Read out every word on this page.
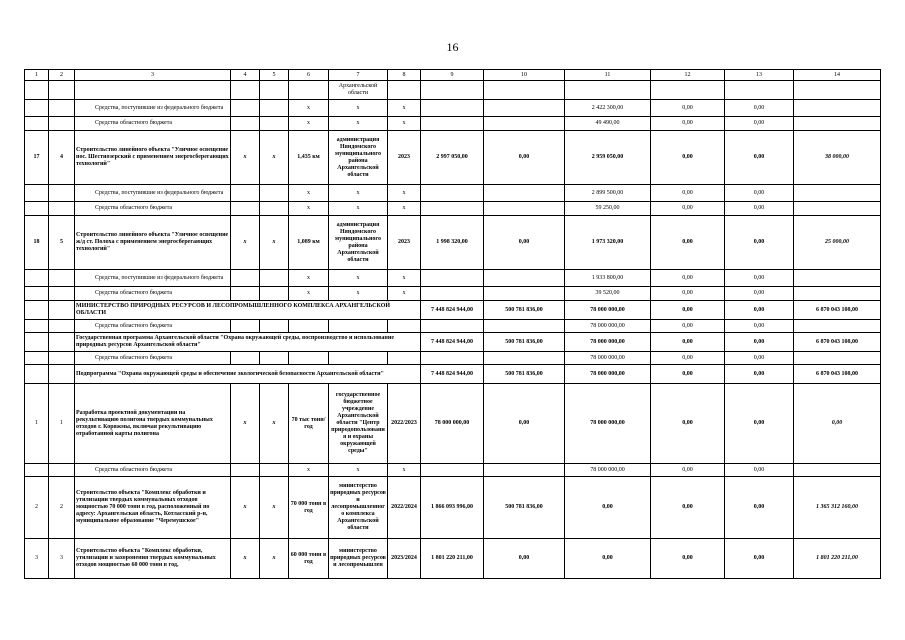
16
1	2	3	4	5	6	7	8	9	10	11	12	13	14
						Архангельской области							
		Средства, поступившие из федерального бюджета			х	х	х			2 422 300,00	0,00	0,00	
		Средства областного бюджета			х	х	х			49 490,00	0,00	0,00	
17	4	Строительство линейного объекта "Уличное освещение пос. Шестиозерский с применением энергосберегающих технологий"	х	х	1,435 км	администрация Няндомского муниципального района Архангельской области	2023	2 997 050,00	0,00	2 959 050,00	0,00	0,00	38 000,00
		Средства, поступившие из федерального бюджета			х	х	х			2 899 500,00	0,00	0,00	
		Средства областного бюджета			х	х	х			59 250,00	0,00	0,00	
18	5	Строительство линейного объекта "Уличное освещение ж/д ст. Полоха с применением энергосберегающих технологий"	х	х	1,089 км	администрация Няндомского муниципального района Архангельской области	2023	1 998 320,00	0,00	1 973 320,00	0,00	0,00	25 000,00
		Средства, поступившие из федерального бюджета			х	х	х			1 933 800,00	0,00	0,00	
		Средства областного бюджета			х	х	х			39 520,00	0,00	0,00	
		МИНИСТЕРСТВО ПРИРОДНЫХ РЕСУРСОВ И ЛЕСОПРОМЫШЛЕННОГО КОМПЛЕКСА АРХАНГЕЛЬСКОЙ ОБЛАСТИ						7 448 824 944,00	500 781 836,00	78 000 000,00	0,00	0,00	6 870 043 108,00
		Средства областного бюджета								78 000 000,00	0,00	0,00	
		Государственная программа Архангельской области "Охрана окружающей среды, воспроизводство и использование природных ресурсов Архангельской области"						7 448 824 944,00	500 781 836,00	78 000 000,00	0,00	0,00	6 870 043 108,00
		Средства областного бюджета								78 000 000,00	0,00	0,00	
		Подпрограмма "Охрана окружающей среды и обеспечение экологической безопасности Архангельской области"						7 448 824 944,00	500 781 836,00	78 000 000,00	0,00	0,00	6 870 043 108,00
1	1	Разработка проектной документации на рекультивацию полигона твердых коммунальных отходов г. Коряжмы, включая рекультивацию отработанной карты полигона	х	х	70 тыс тонн/год	государственное бюджетное учреждение Архангельской области "Центр природопользования и охраны окружающей среды"	2022/2023	78 000 000,00	0,00	78 000 000,00	0,00	0,00	0,00
		Средства областного бюджета			х	х	х			78 000 000,00	0,00	0,00	
2	2	Строительство объекта "Комплекс обработки и утилизации твердых коммунальных отходов мощностью 70 000 тонн в год, расположенный по адресу: Архангельская область, Котласский р-н, муниципальное образование "Черемушское"	х	х	70 000 тонн в год	министерство природных ресурсов и лесопромышленного комплекса Архангельской области	2022/2024	1 866 093 996,00	500 781 836,00	0,00	0,00	0,00	1 365 312 160,00
3	3	Строительство объекта "Комплекс обработки, утилизации и захоронения твердых коммунальных отходов мощностью 60 000 тонн в год,	х	х	60 000 тонн в год	министерство природных ресурсов и лесопромышлен	2023/2024	1 801 220 211,00	0,00	0,00	0,00	0,00	1 801 220 211,00
